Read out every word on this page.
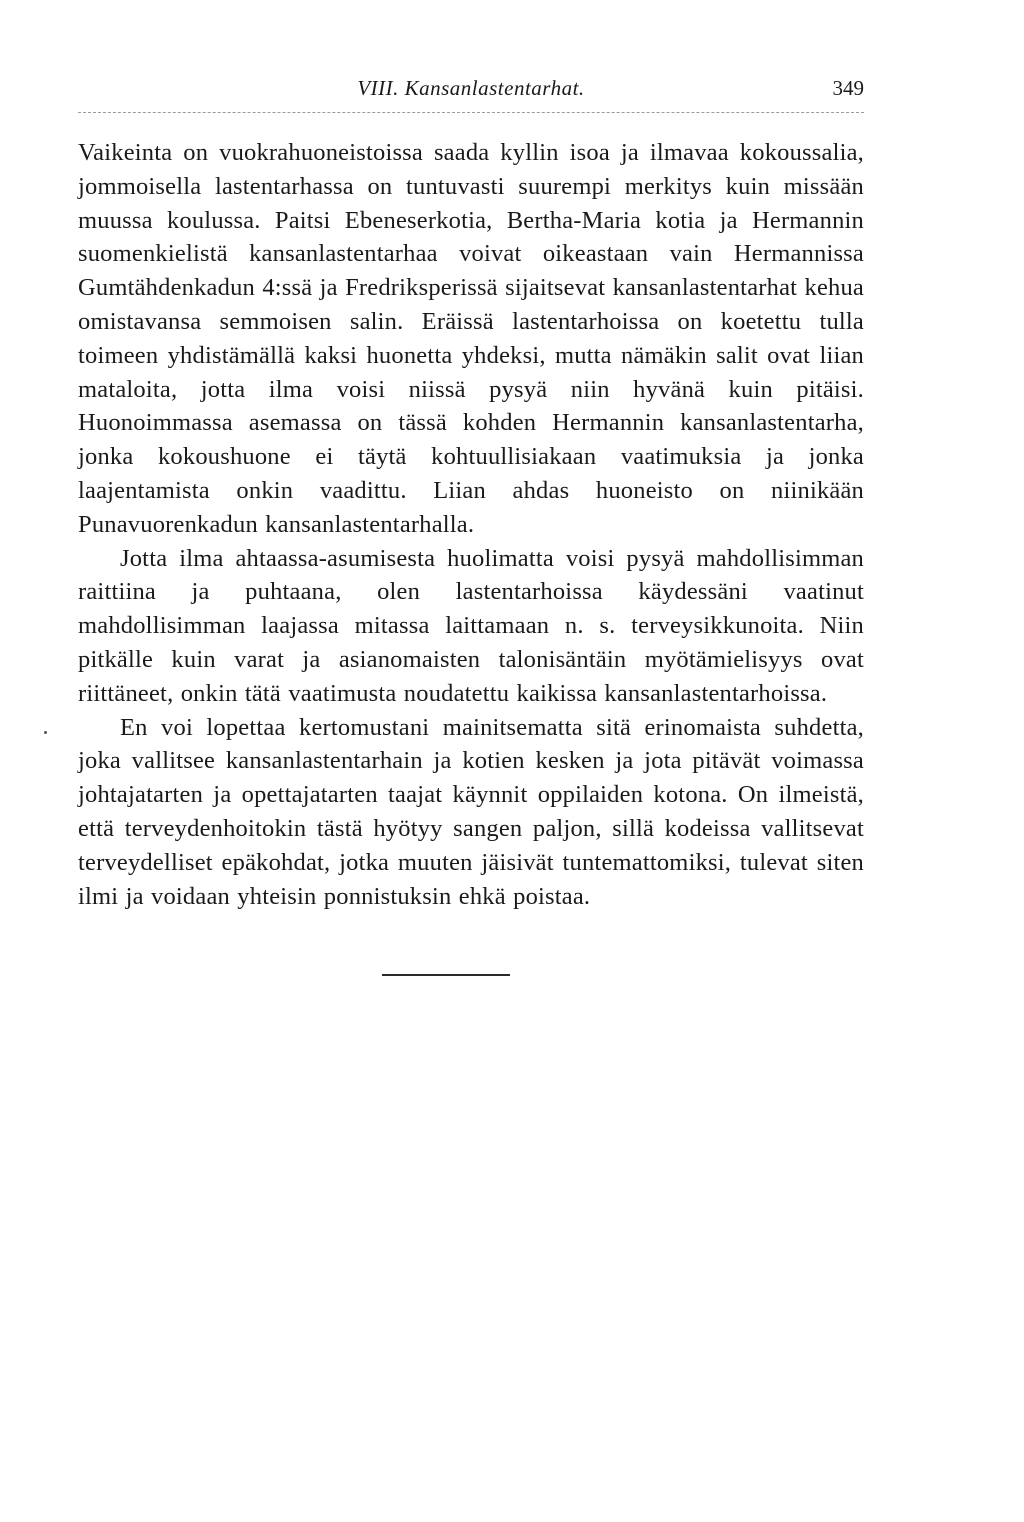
VIII. Kansanlastentarhat.	349

Vaikeinta on vuokrahuoneistoissa saada kyllin isoa ja ilmavaa kokoussalia, jommoisella lastentarhassa on tuntuvasti suurempi merkitys kuin missään muussa koulussa. Paitsi Ebeneserkotia, Bertha-Maria kotia ja Hermannin suomenkielistä kansanlastentarhaa voivat oikeastaan vain Hermannissa Gumtähdenkadun 4:ssä ja Fredriksperissä sijaitsevat kansanlastentarhat kehua omistavansa semmoisen salin. Eräissä lastentarhoissa on koetettu tulla toimeen yhdistämällä kaksi huonetta yhdeksi, mutta nämäkin salit ovat liian mataloita, jotta ilma voisi niissä pysyä niin hyvänä kuin pitäisi. Huonoimmassa asemassa on tässä kohden Hermannin kansanlastentarha, jonka kokoushuone ei täytä kohtuullisiakaan vaatimuksia ja jonka laajentamista onkin vaadittu. Liian ahdas huoneisto on niinikään Punavuorenkadun kansanlastentarhalla.

Jotta ilma ahtaassa-asumisesta huolimatta voisi pysyä mahdollisimman raittiina ja puhtaana, olen lastentarhoissa käydessäni vaatinut mahdollisimman laajassa mitassa laittamaan n. s. terveysikkunoita. Niin pitkälle kuin varat ja asianomaisten talonisäntäin myötämielisyys ovat riittäneet, onkin tätä vaatimusta noudatettu kaikissa kansanlastentarhoissa.

En voi lopettaa kertomustani mainitsematta sitä erinomaista suhdetta, joka vallitsee kansanlastentarhain ja kotien kesken ja jota pitävät voimassa johtajatarten ja opettajatarten taajat käynnit oppilaiden kotona. On ilmeistä, että terveydenhoitokin tästä hyötyy sangen paljon, sillä kodeissa vallitsevat terveydelliset epäkohdat, jotka muuten jäisivät tuntemattomiksi, tulevat siten ilmi ja voidaan yhteisin ponnistuksin ehkä poistaa.
